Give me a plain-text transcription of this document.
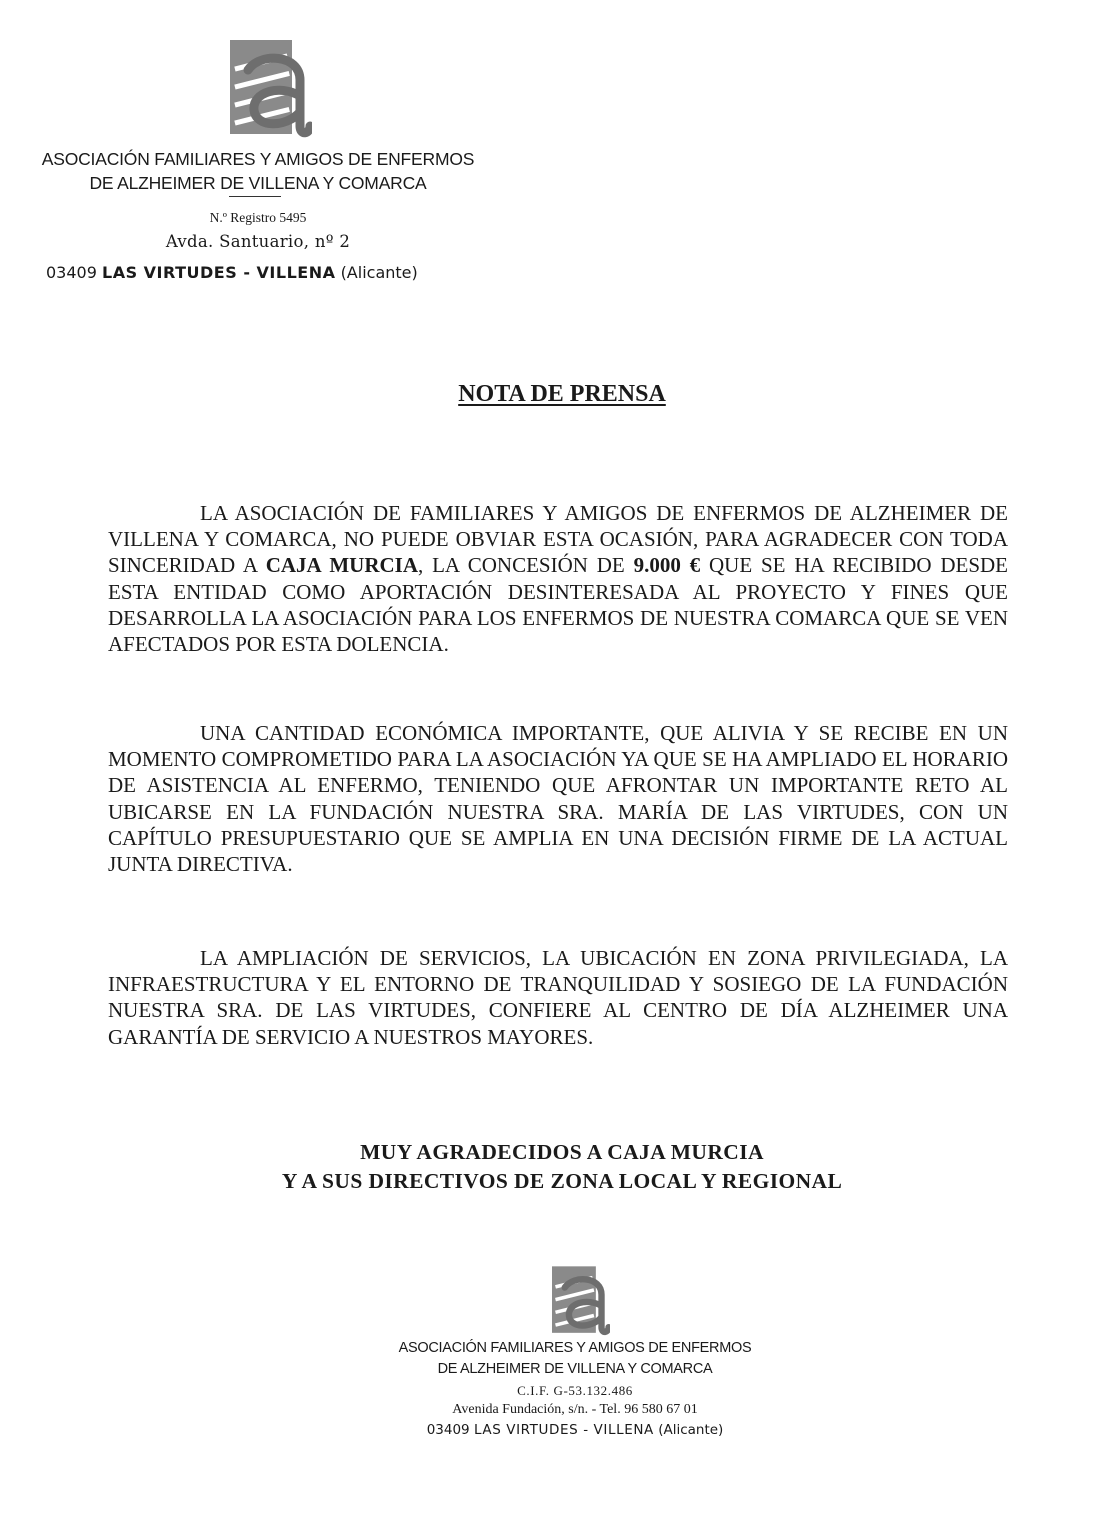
ASOCIACIÓN FAMILIARES Y AMIGOS DE ENFERMOS
DE ALZHEIMER DE VILLENA Y COMARCA
N.º Registro 5495
Avda. Santuario, nº 2
03409 LAS VIRTUDES - VILLENA (Alicante)
NOTA DE PRENSA
LA ASOCIACIÓN DE FAMILIARES Y AMIGOS DE ENFERMOS DE ALZHEIMER DE VILLENA Y COMARCA, NO PUEDE OBVIAR ESTA OCASIÓN, PARA AGRADECER CON TODA SINCERIDAD A CAJA MURCIA, LA CONCESIÓN DE 9.000 € QUE SE HA RECIBIDO DESDE ESTA ENTIDAD COMO APORTACIÓN DESINTERESADA AL PROYECTO Y FINES QUE DESARROLLA LA ASOCIACIÓN PARA LOS ENFERMOS DE NUESTRA COMARCA QUE SE VEN AFECTADOS POR ESTA DOLENCIA.
UNA CANTIDAD ECONÓMICA IMPORTANTE, QUE ALIVIA Y SE RECIBE EN UN MOMENTO COMPROMETIDO PARA LA ASOCIACIÓN YA QUE SE HA AMPLIADO EL HORARIO DE ASISTENCIA AL ENFERMO, TENIENDO QUE AFRONTAR UN IMPORTANTE RETO AL UBICARSE EN LA FUNDACIÓN NUESTRA SRA. MARÍA DE LAS VIRTUDES, CON UN CAPÍTULO PRESUPUESTARIO QUE SE AMPLIA EN UNA DECISIÓN FIRME DE LA ACTUAL JUNTA DIRECTIVA.
LA AMPLIACIÓN DE SERVICIOS, LA UBICACIÓN EN ZONA PRIVILEGIADA, LA INFRAESTRUCTURA Y EL ENTORNO DE TRANQUILIDAD Y SOSIEGO DE LA FUNDACIÓN NUESTRA SRA. DE LAS VIRTUDES, CONFIERE AL CENTRO DE DÍA ALZHEIMER UNA GARANTÍA DE SERVICIO A NUESTROS MAYORES.
MUY AGRADECIDOS A CAJA MURCIA
Y A SUS DIRECTIVOS DE ZONA LOCAL Y REGIONAL
ASOCIACIÓN FAMILIARES Y AMIGOS DE ENFERMOS
DE ALZHEIMER DE VILLENA Y COMARCA
C.I.F. G-53.132.486
Avenida Fundación, s/n. - Tel. 96 580 67 01
03409 LAS VIRTUDES - VILLENA (Alicante)
